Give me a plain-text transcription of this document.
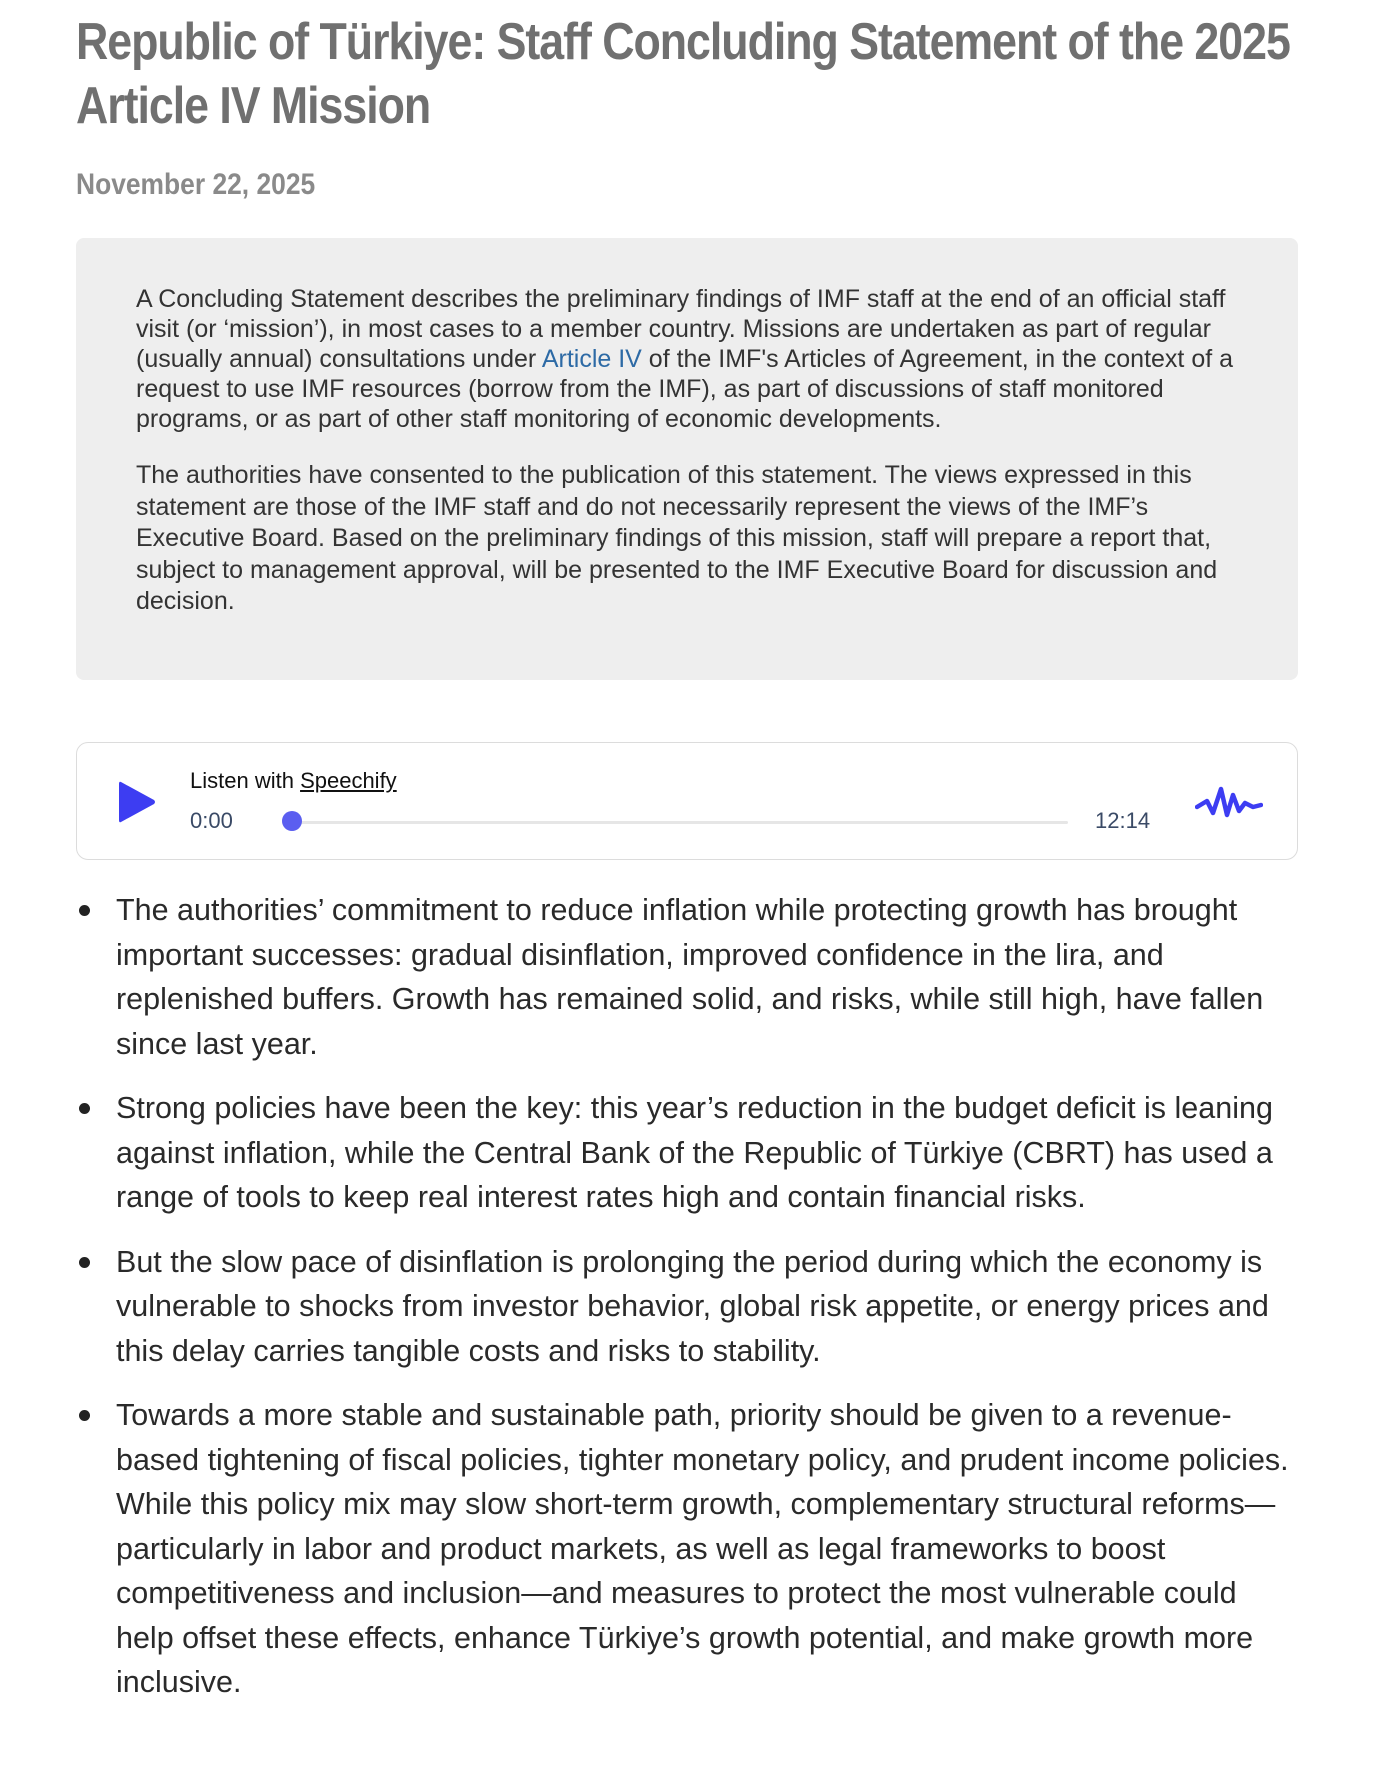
Republic of Türkiye: Staff Concluding Statement of the 2025 Article IV Mission
November 22, 2025

A Concluding Statement describes the preliminary findings of IMF staff at the end of an official staff visit (or ‘mission’), in most cases to a member country. Missions are undertaken as part of regular (usually annual) consultations under Article IV of the IMF's Articles of Agreement, in the context of a request to use IMF resources (borrow from the IMF), as part of discussions of staff monitored programs, or as part of other staff monitoring of economic developments.

The authorities have consented to the publication of this statement. The views expressed in this statement are those of the IMF staff and do not necessarily represent the views of the IMF’s Executive Board. Based on the preliminary findings of this mission, staff will prepare a report that, subject to management approval, will be presented to the IMF Executive Board for discussion and decision.

Listen with Speechify
0:00	12:14
The authorities’ commitment to reduce inflation while protecting growth has brought important successes: gradual disinflation, improved confidence in the lira, and replenished buffers. Growth has remained solid, and risks, while still high, have fallen since last year.
Strong policies have been the key: this year’s reduction in the budget deficit is leaning against inflation, while the Central Bank of the Republic of Türkiye (CBRT) has used a range of tools to keep real interest rates high and contain financial risks.
But the slow pace of disinflation is prolonging the period during which the economy is vulnerable to shocks from investor behavior, global risk appetite, or energy prices and this delay carries tangible costs and risks to stability.
Towards a more stable and sustainable path, priority should be given to a revenue-based tightening of fiscal policies, tighter monetary policy, and prudent income policies. While this policy mix may slow short-term growth, complementary structural reforms—particularly in labor and product markets, as well as legal frameworks to boost competitiveness and inclusion—and measures to protect the most vulnerable could help offset these effects, enhance Türkiye’s growth potential, and make growth more inclusive.
